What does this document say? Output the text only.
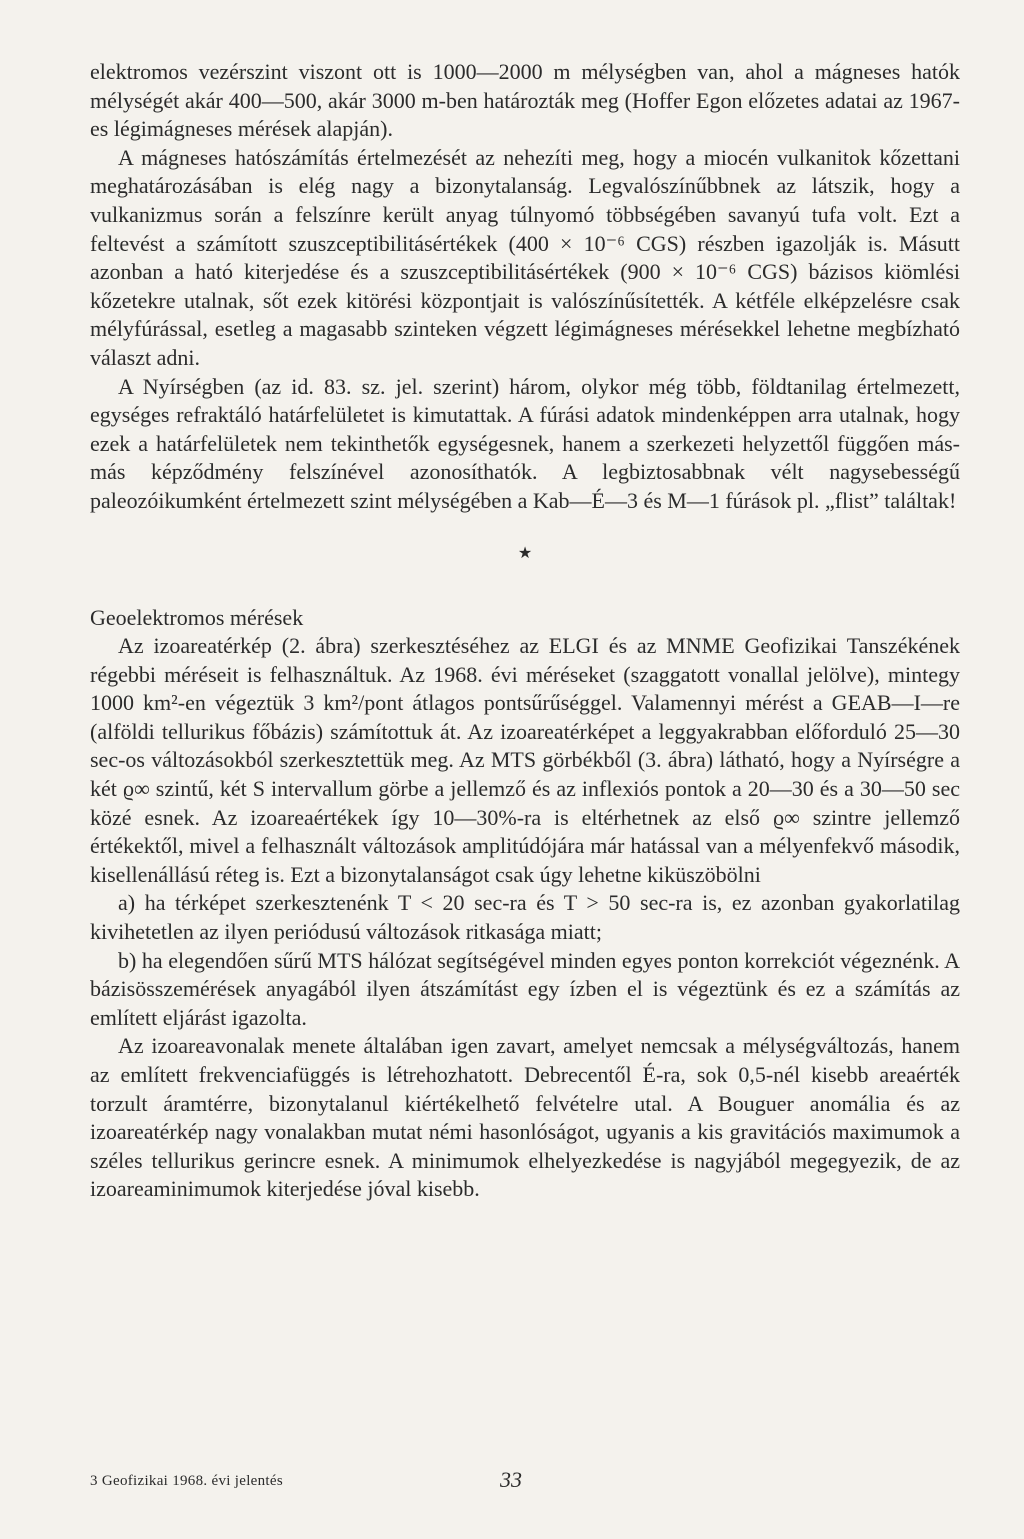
elektromos vezérszint viszont ott is 1000—2000 m mélységben van, ahol a mágneses hatók mélységét akár 400—500, akár 3000 m-ben határozták meg (Hoffer Egon előzetes adatai az 1967-es légimágneses mérések alapján).

A mágneses hatószámítás értelmezését az nehezíti meg, hogy a miocén vulkanitok kőzettani meghatározásában is elég nagy a bizonytalanság. Legvalószínűbbnek az látszik, hogy a vulkanizmus során a felszínre került anyag túlnyomó többségében savanyú tufa volt. Ezt a feltevést a számított szuszceptibilitásértékek (400 × 10⁻⁶ CGS) részben igazolják is. Másutt azonban a ható kiterjedése és a szuszceptibilitásértékek (900 × 10⁻⁶ CGS) bázisos kiömlési kőzetekre utalnak, sőt ezek kitörési központjait is valószínűsítették. A kétféle elképzelésre csak mélyfúrással, esetleg a magasabb szinteken végzett légimágneses mérésekkel lehetne megbízható választ adni.

A Nyírségben (az id. 83. sz. jel. szerint) három, olykor még több, földtanilag értelmezett, egységes refraktáló határfelületet is kimutattak. A fúrási adatok mindenképpen arra utalnak, hogy ezek a határfelületek nem tekinthetők egységesnek, hanem a szerkezeti helyzettől függően más-más képződmény felszínével azonosíthatók. A legbiztosabbnak vélt nagysebességű paleozóikumként értelmezett szint mélységében a Kab—É—3 és M—1 fúrások pl. „flist” találtak!

★

Geoelektromos mérések

Az izoareatérkép (2. ábra) szerkesztéséhez az ELGI és az MNME Geofizikai Tanszékének régebbi méréseit is felhasználtuk. Az 1968. évi méréseket (szaggatott vonallal jelölve), mintegy 1000 km²-en végeztük 3 km²/pont átlagos pontsűrűséggel. Valamennyi mérést a GEAB—I—re (alföldi tellurikus főbázis) számítottuk át. Az izoareatérképet a leggyakrabban előforduló 25—30 sec-os változásokból szerkesztettük meg. Az MTS görbékből (3. ábra) látható, hogy a Nyírségre a két ϱ∞ szintű, két S intervallum görbe a jellemző és az inflexiós pontok a 20—30 és a 30—50 sec közé esnek. Az izoareaértékek így 10—30%-ra is eltérhetnek az első ϱ∞ szintre jellemző értékektől, mivel a felhasznált változások amplitúdójára már hatással van a mélyenfekvő második, kisellenállású réteg is. Ezt a bizonytalanságot csak úgy lehetne kiküszöbölni

a) ha térképet szerkesztenénk T < 20 sec-ra és T > 50 sec-ra is, ez azonban gyakorlatilag kivihetetlen az ilyen periódusú változások ritkasága miatt;

b) ha elegendően sűrű MTS hálózat segítségével minden egyes ponton korrekciót végeznénk. A bázisösszemérések anyagából ilyen átszámítást egy ízben el is végeztünk és ez a számítás az említett eljárást igazolta.

Az izoareavonalak menete általában igen zavart, amelyet nemcsak a mélységváltozás, hanem az említett frekvenciafüggés is létrehozhatott. Debrecentől É-ra, sok 0,5-nél kisebb areaérték torzult áramtérre, bizonytalanul kiértékelhető felvételre utal. A Bouguer anomália és az izoareatérkép nagy vonalakban mutat némi hasonlóságot, ugyanis a kis gravitációs maximumok a széles tellurikus gerincre esnek. A minimumok elhelyezkedése is nagyjából megegyezik, de az izoareaminimumok kiterjedése jóval kisebb.

3 Geofizikai 1968. évi jelentés	33
